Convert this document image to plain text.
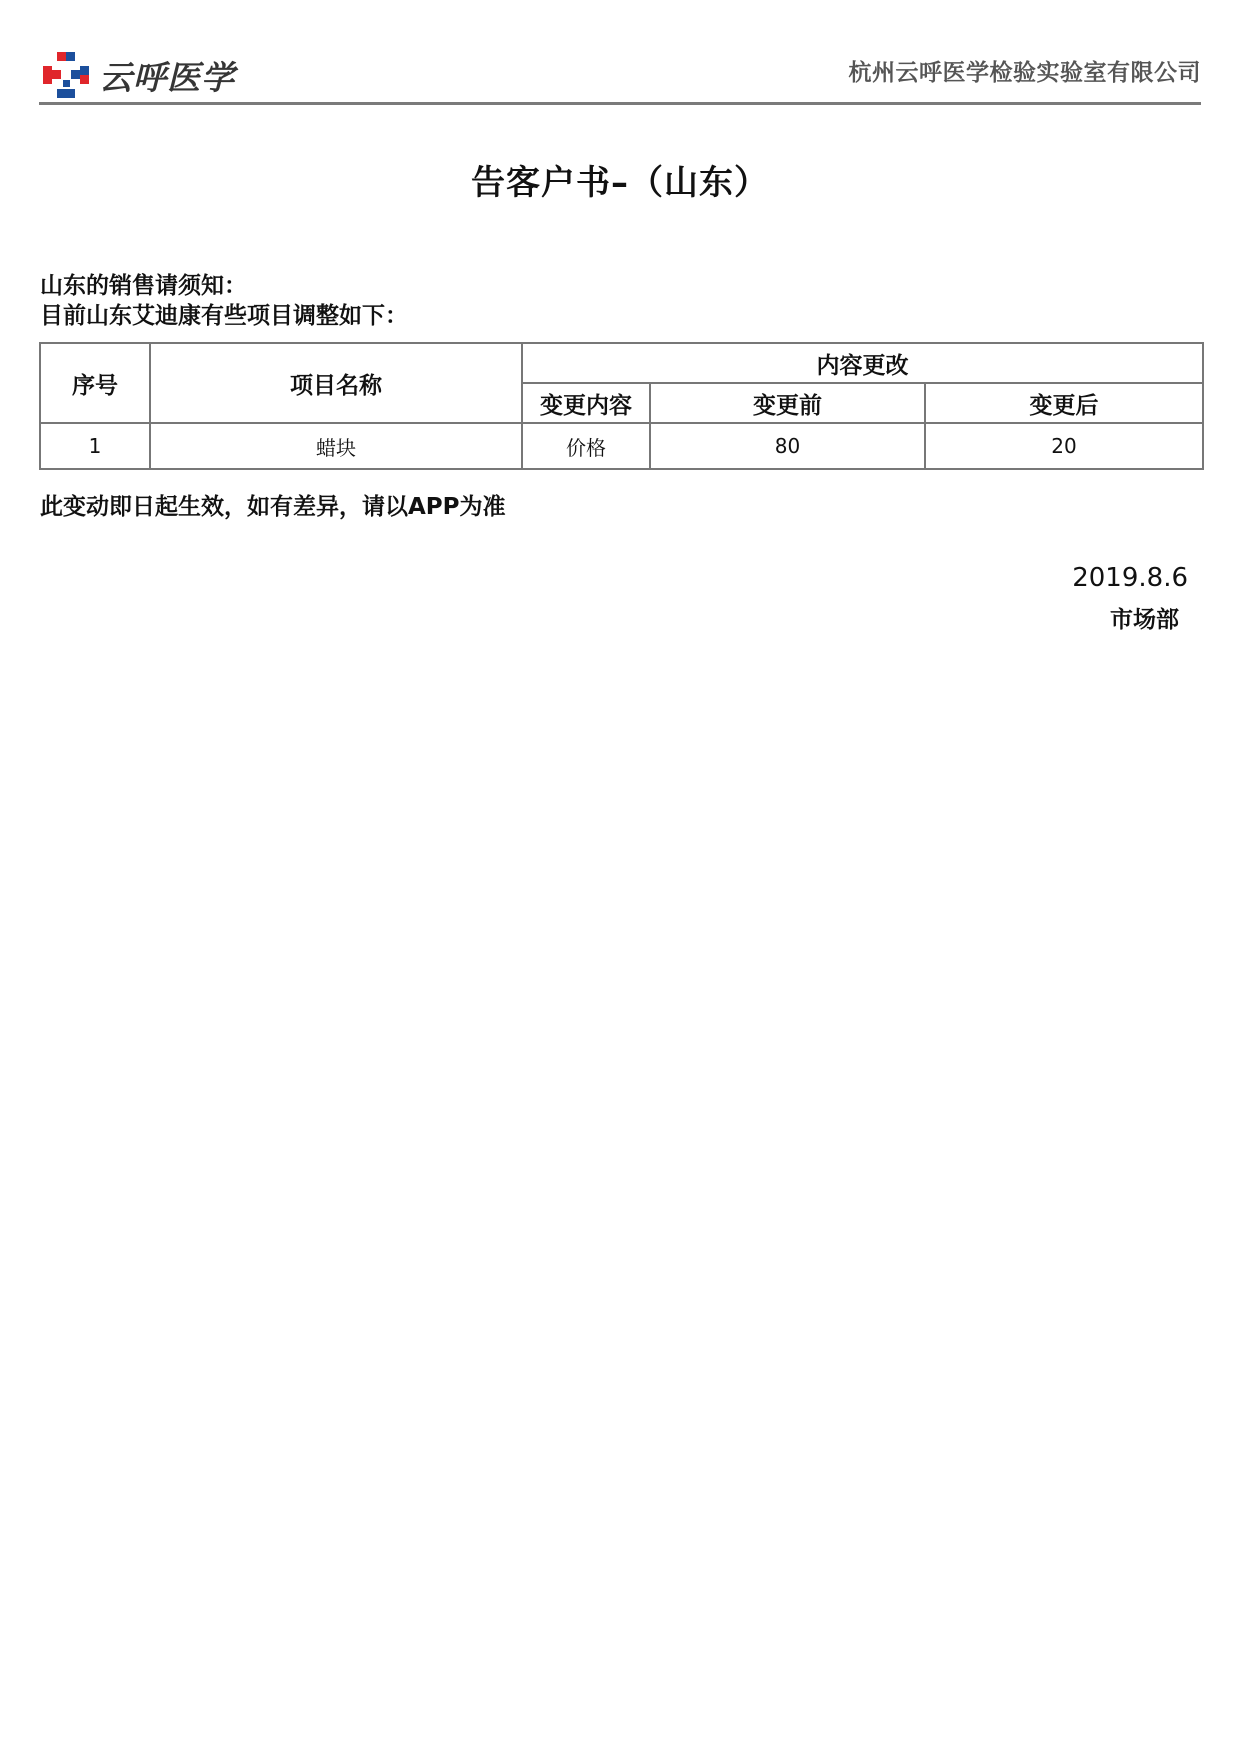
云呼医学	杭州云呼医学检验实验室有限公司
告客户书–（山东）
山东的销售请须知：
目前山东艾迪康有些项目调整如下：
序号	项目名称	内容更改		
		变更内容	变更前	变更后
1	蜡块	价格	80	20
此变动即日起生效，如有差异，请以APP为准
2019.8.6
市场部
